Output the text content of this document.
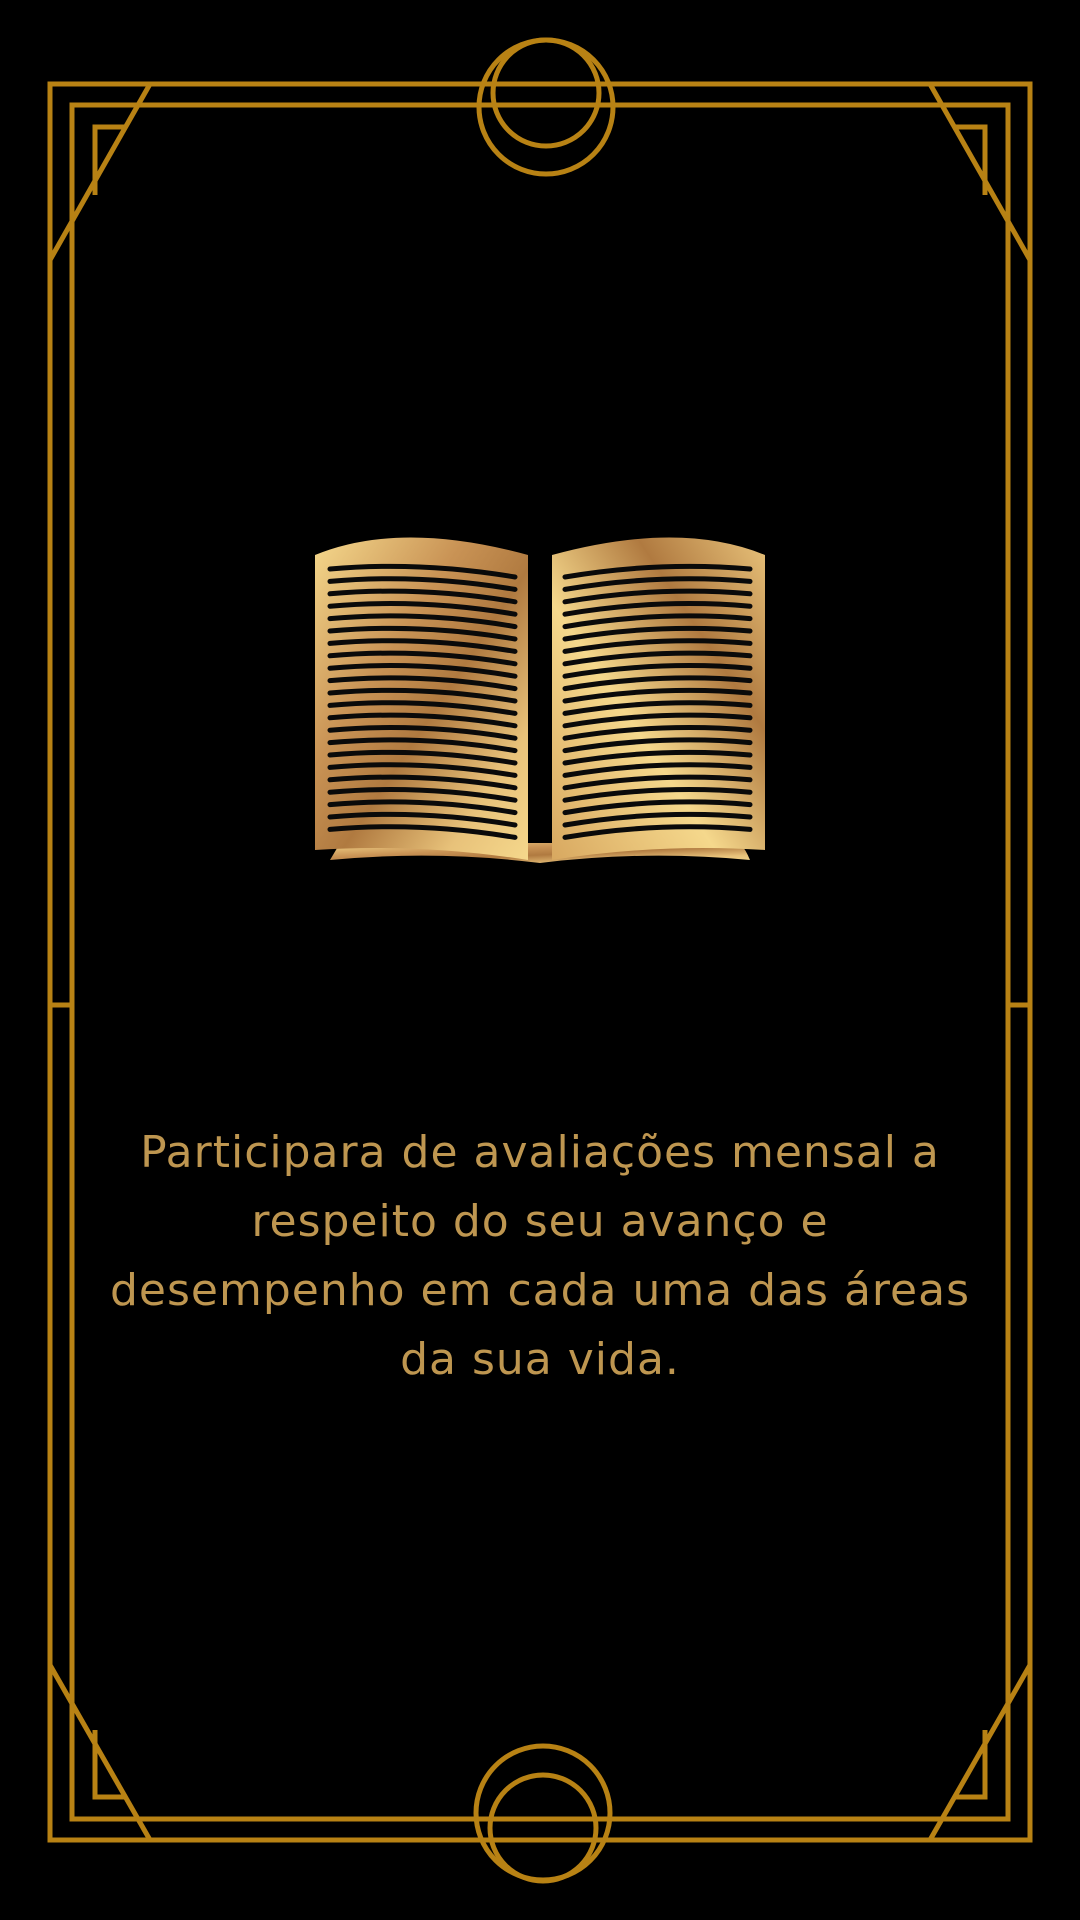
Participara de avaliações mensal a respeito do seu avanço e desempenho em cada uma das áreas da sua vida.
